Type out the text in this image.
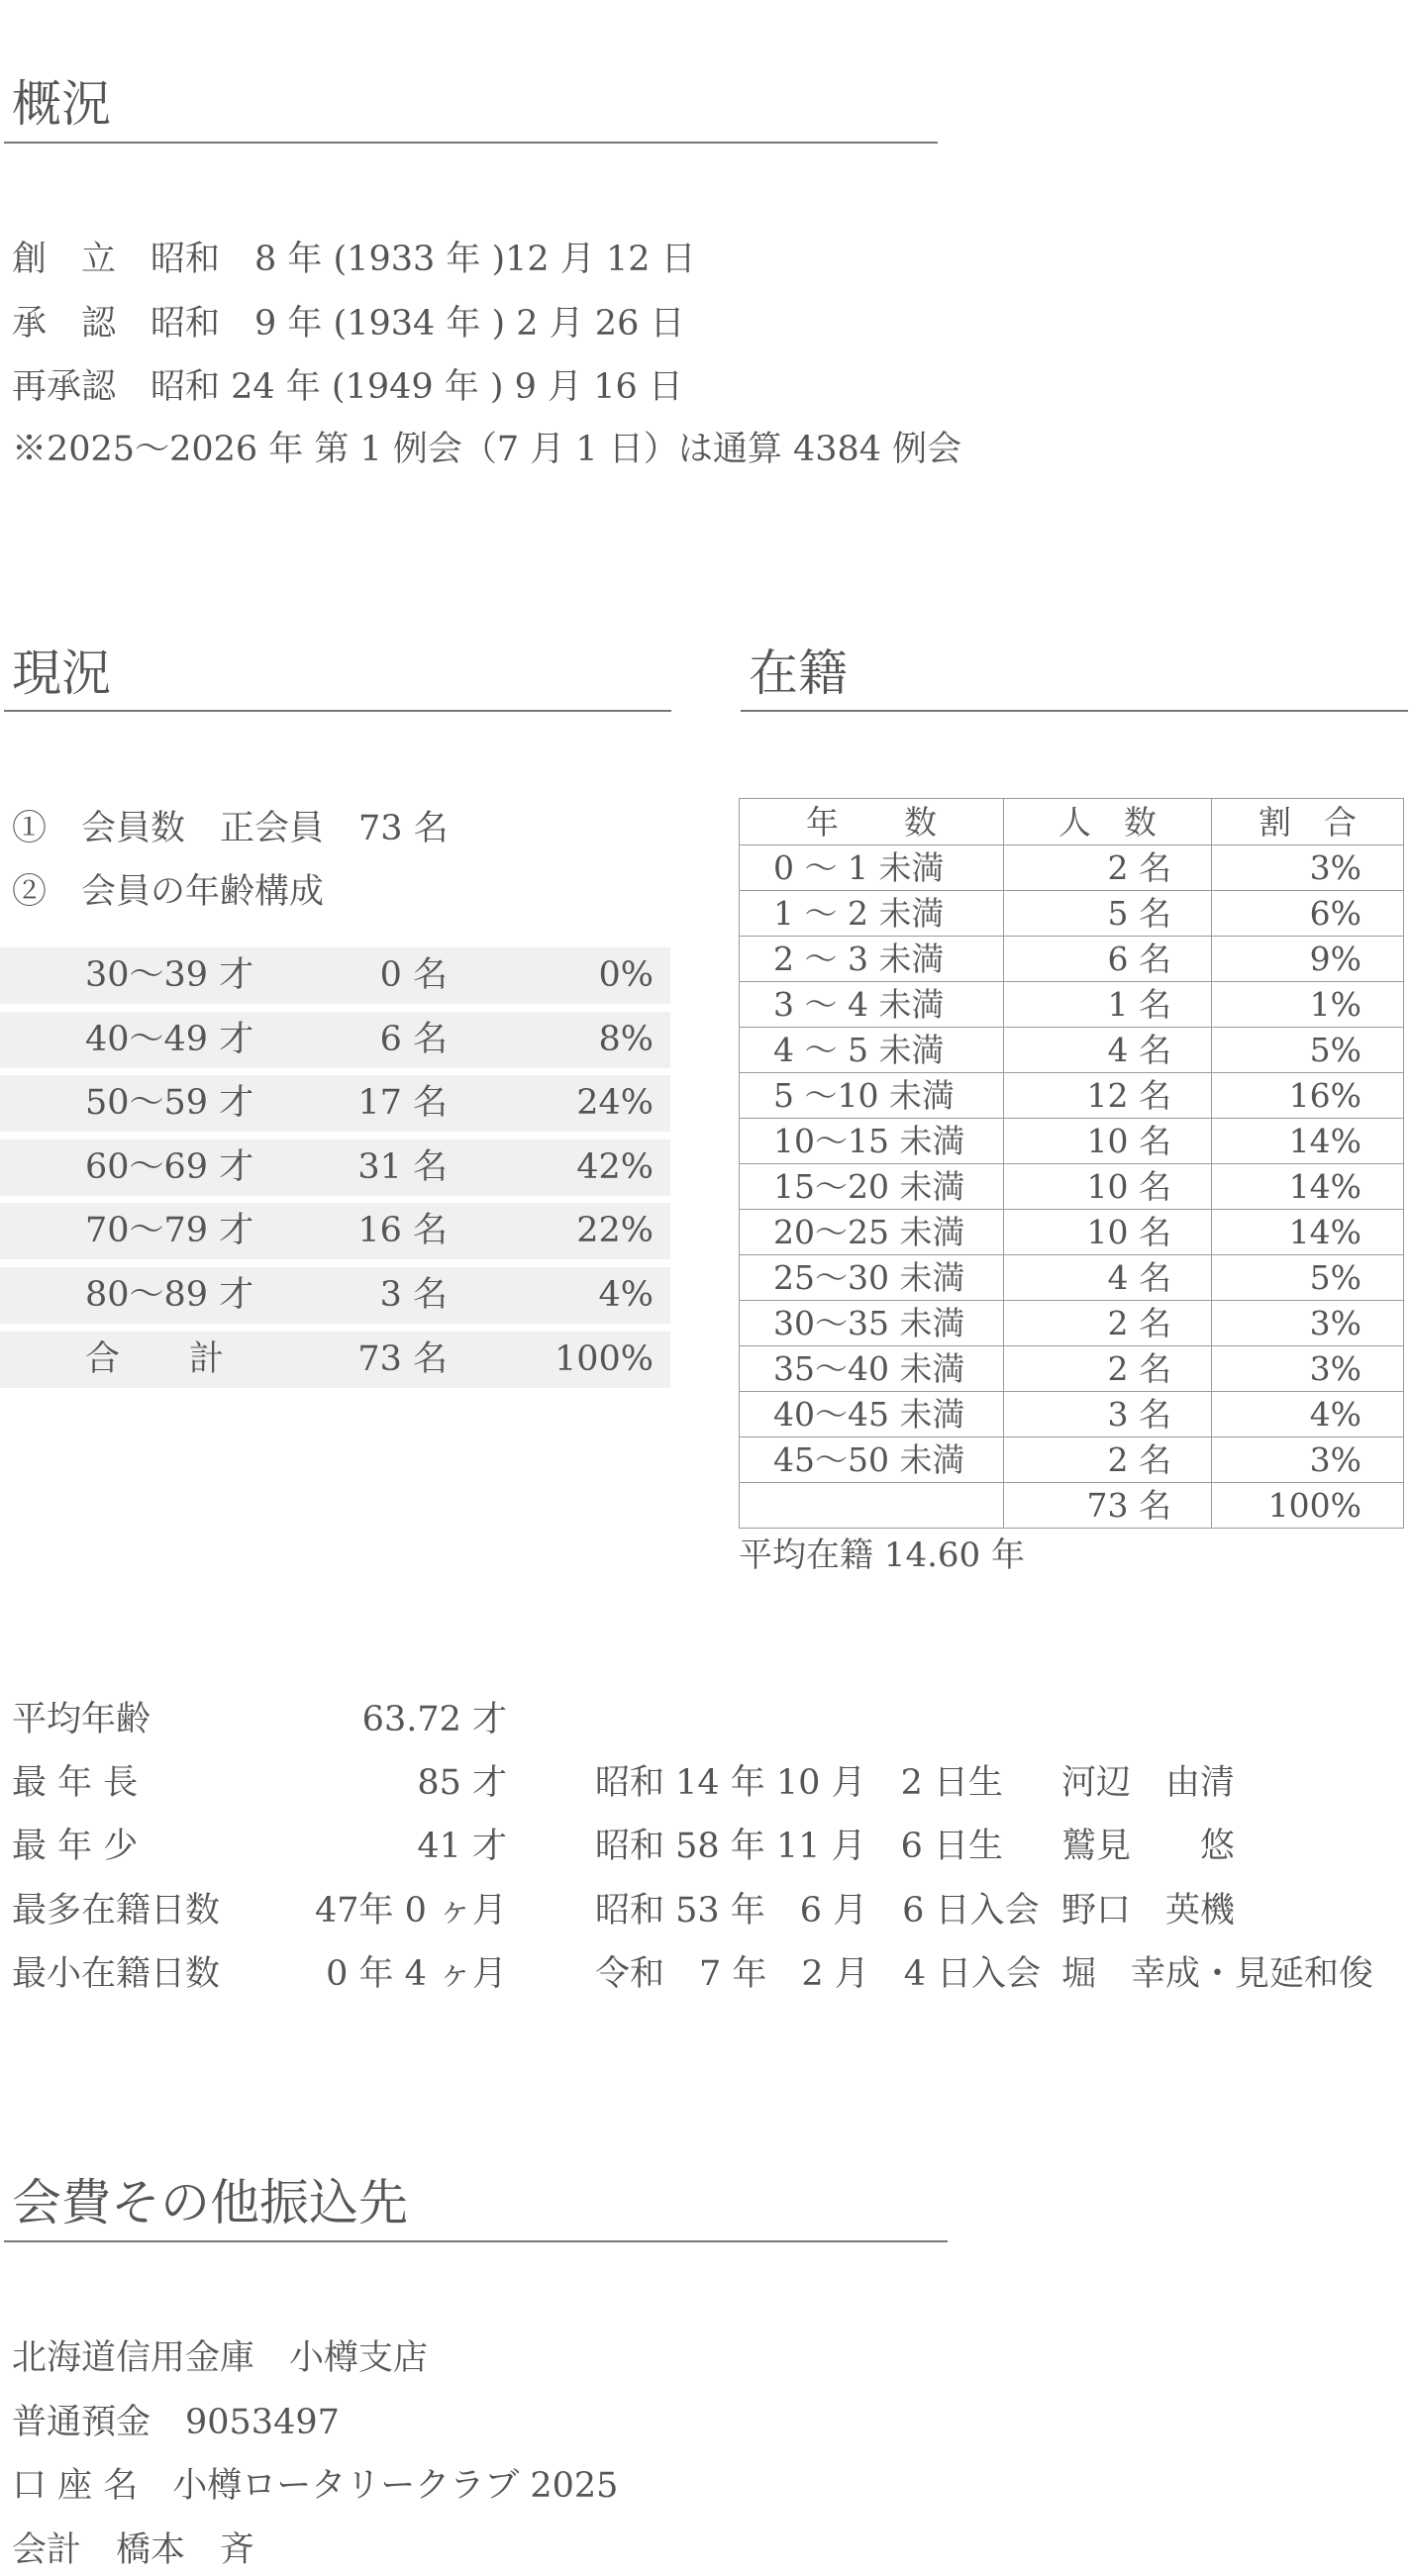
概況
創　立　昭和　8 年 (1933 年 )12 月 12 日
承　認　昭和　9 年 (1934 年 ) 2 月 26 日
再承認　昭和 24 年 (1949 年 ) 9 月 16 日
※2025～2026 年 第 1 例会（7 月 1 日）は通算 4384 例会
現況
①　会員数　正会員　73 名
②　会員の年齢構成
30～39 才	0 名	0%
40～49 才	6 名	8%
50～59 才	17 名	24%
60～69 才	31 名	42%
70～79 才	16 名	22%
80～89 才	3 名	4%
合　　計	73 名	100%
在籍
年　　数	人　数	割　合
0 ～ 1 未満	2 名	3%
1 ～ 2 未満	5 名	6%
2 ～ 3 未満	6 名	9%
3 ～ 4 未満	1 名	1%
4 ～ 5 未満	4 名	5%
5 ～10 未満	12 名	16%
10～15 未満	10 名	14%
15～20 未満	10 名	14%
20～25 未満	10 名	14%
25～30 未満	4 名	5%
30～35 未満	2 名	3%
35～40 未満	2 名	3%
40～45 未満	3 名	4%
45～50 未満	2 名	3%
	73 名	100%
平均在籍 14.60 年
平均年齢	63.72 才
最 年 長	85 才	昭和 14 年 10 月　2 日生 河辺　由清
最 年 少	41 才	昭和 58 年 11 月　6 日生 鷲見　　悠
最多在籍日数	47年 0 ヶ月	昭和 53 年　6 月　6 日入会 野口　英機
最小在籍日数	0 年 4 ヶ月	令和　7 年　2 月　4 日入会 堀　幸成・見延和俊
会費その他振込先
北海道信用金庫　小樽支店
普通預金　9053497
口 座 名　小樽ロータリークラブ 2025
会計　橋本　斉
